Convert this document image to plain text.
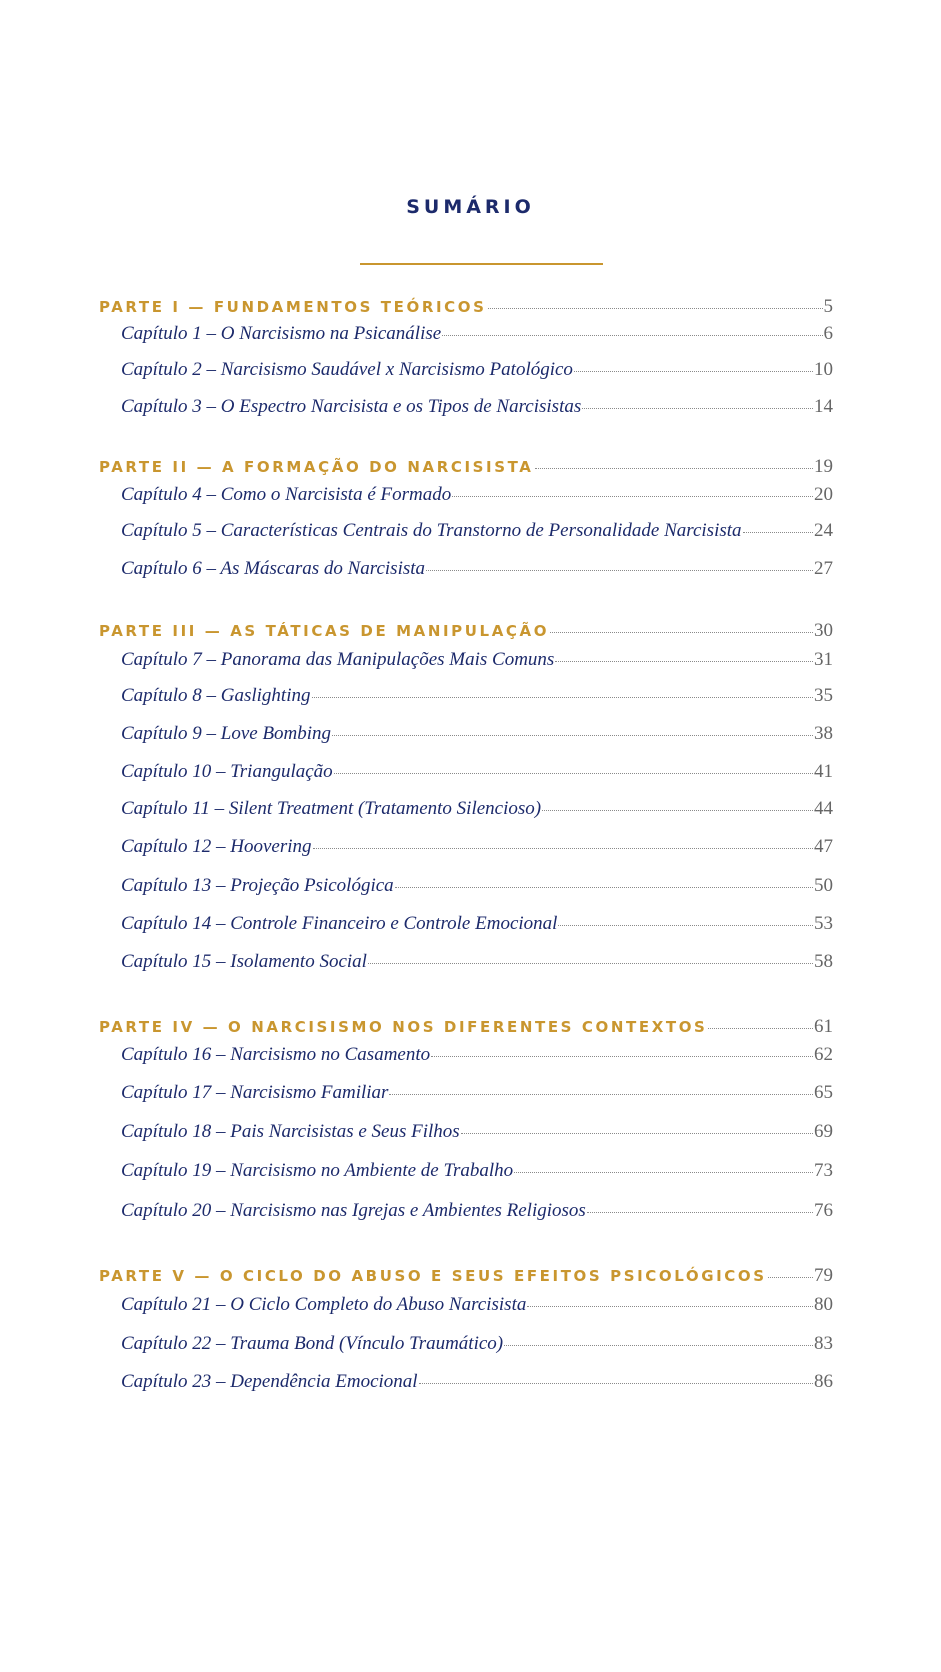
SUMÁRIO
PARTE I — FUNDAMENTOS TEÓRICOS	5
Capítulo 1 – O Narcisismo na Psicanálise	6
Capítulo 2 – Narcisismo Saudável x Narcisismo Patológico	10
Capítulo 3 – O Espectro Narcisista e os Tipos de Narcisistas	14
PARTE II — A FORMAÇÃO DO NARCISISTA	19
Capítulo 4 – Como o Narcisista é Formado	20
Capítulo 5 – Características Centrais do Transtorno de Personalidade Narcisista	24
Capítulo 6 – As Máscaras do Narcisista	27
PARTE III — AS TÁTICAS DE MANIPULAÇÃO	30
Capítulo 7 – Panorama das Manipulações Mais Comuns	31
Capítulo 8 – Gaslighting	35
Capítulo 9 – Love Bombing	38
Capítulo 10 – Triangulação	41
Capítulo 11 – Silent Treatment (Tratamento Silencioso)	44
Capítulo 12 – Hoovering	47
Capítulo 13 – Projeção Psicológica	50
Capítulo 14 – Controle Financeiro e Controle Emocional	53
Capítulo 15 – Isolamento Social	58
PARTE IV — O NARCISISMO NOS DIFERENTES CONTEXTOS	61
Capítulo 16 – Narcisismo no Casamento	62
Capítulo 17 – Narcisismo Familiar	65
Capítulo 18 – Pais Narcisistas e Seus Filhos	69
Capítulo 19 – Narcisismo no Ambiente de Trabalho	73
Capítulo 20 – Narcisismo nas Igrejas e Ambientes Religiosos	76
PARTE V — O CICLO DO ABUSO E SEUS EFEITOS PSICOLÓGICOS 79
Capítulo 21 – O Ciclo Completo do Abuso Narcisista	80
Capítulo 22 – Trauma Bond (Vínculo Traumático)	83
Capítulo 23 – Dependência Emocional	86
